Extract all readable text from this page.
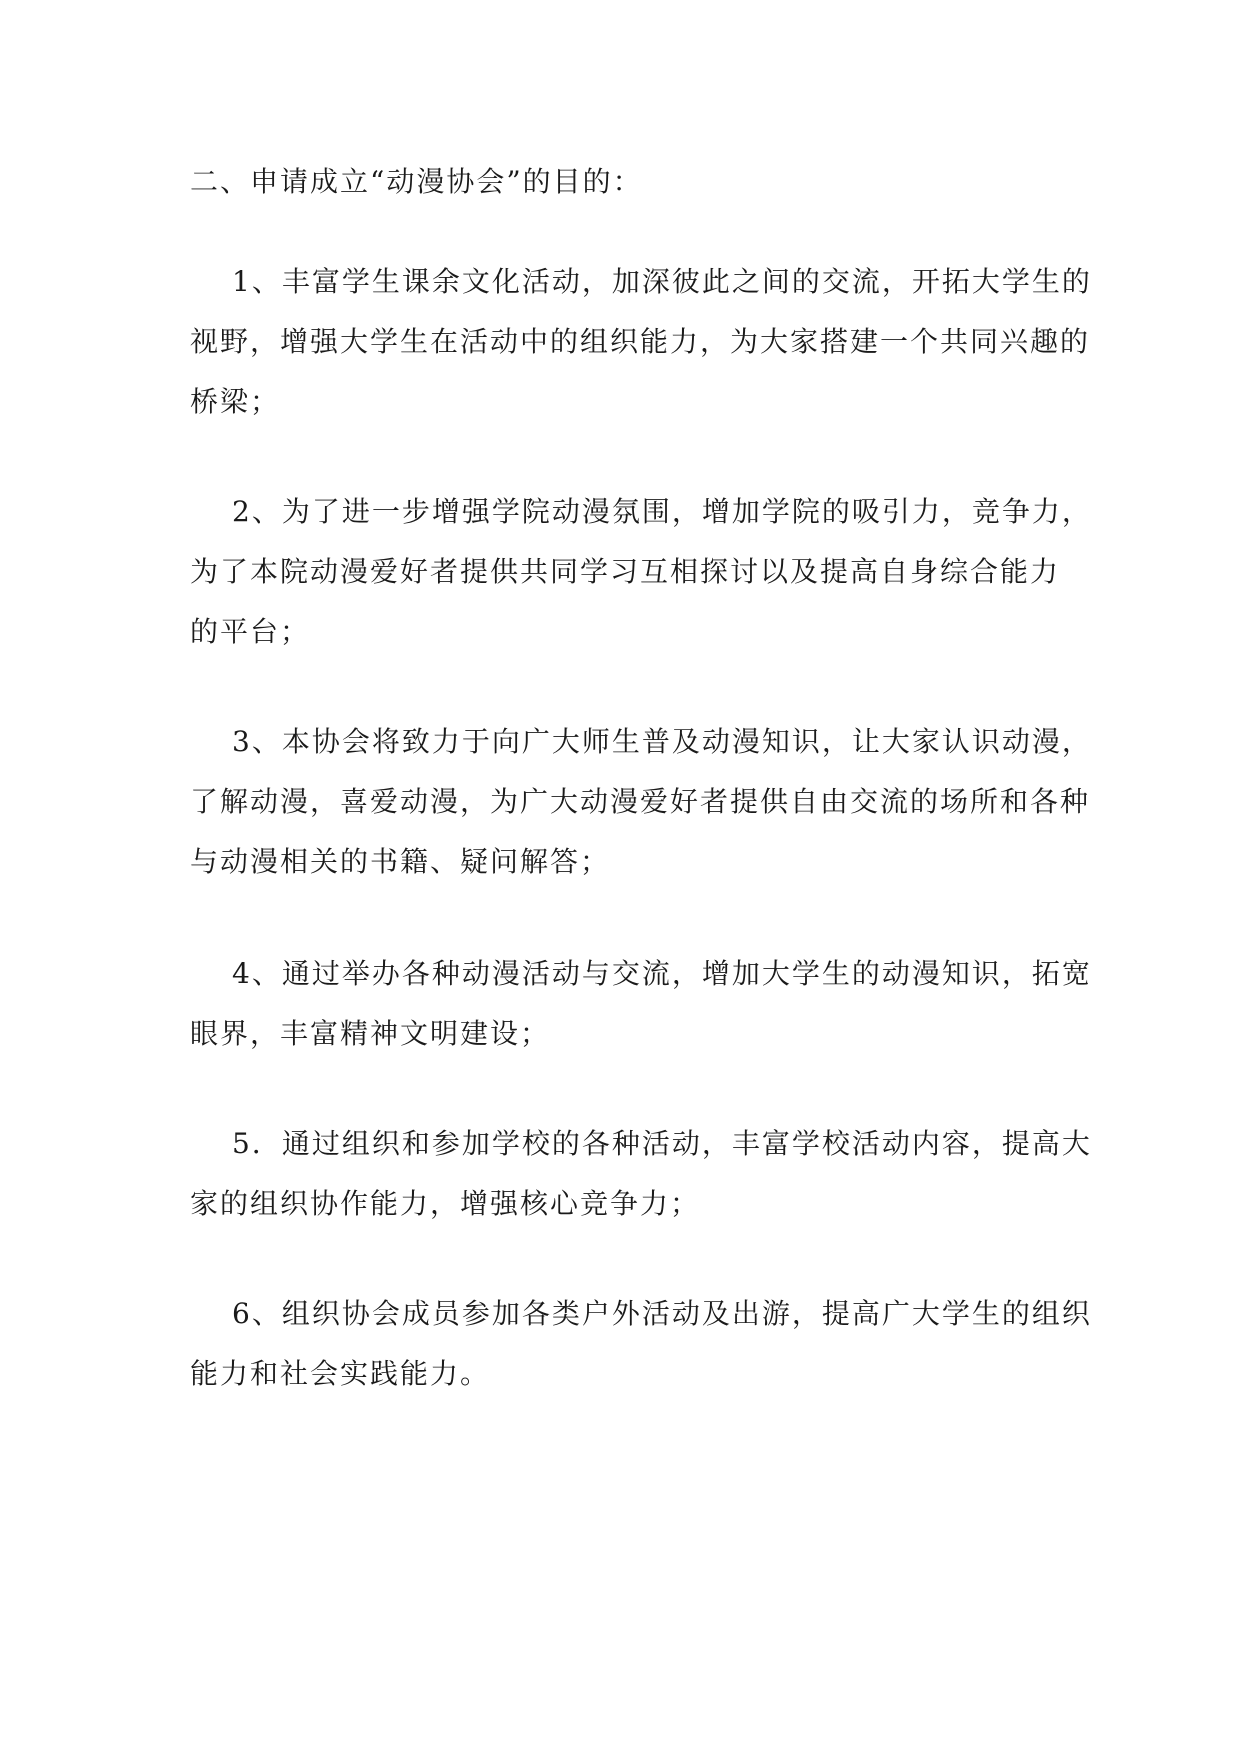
二、申请成立“动漫协会”的目的：
1、丰富学生课余文化活动，加深彼此之间的交流，开拓大学生的
视野，增强大学生在活动中的组织能力，为大家搭建一个共同兴趣的
桥梁；
2、为了进一步增强学院动漫氛围，增加学院的吸引力，竞争力，
为了本院动漫爱好者提供共同学习互相探讨以及提高自身综合能力
的平台；
3、本协会将致力于向广大师生普及动漫知识，让大家认识动漫，
了解动漫，喜爱动漫，为广大动漫爱好者提供自由交流的场所和各种
与动漫相关的书籍、疑问解答；
4、通过举办各种动漫活动与交流，增加大学生的动漫知识，拓宽
眼界，丰富精神文明建设；
5．通过组织和参加学校的各种活动，丰富学校活动内容，提高大
家的组织协作能力，增强核心竞争力；
6、组织协会成员参加各类户外活动及出游，提高广大学生的组织
能力和社会实践能力。
